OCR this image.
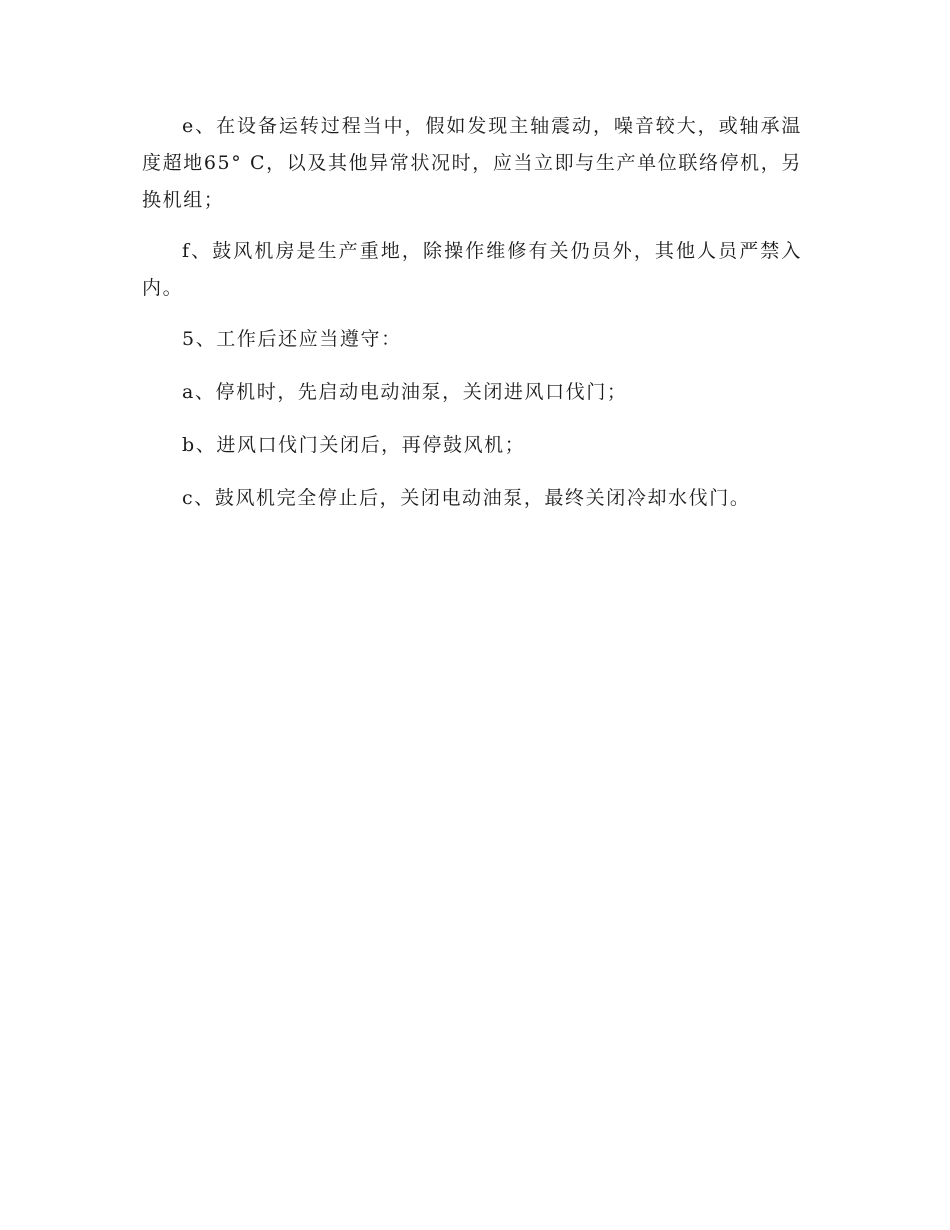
e、在设备运转过程当中，假如发现主轴震动，噪音较大，或轴承温度超地65° C，以及其他异常状况时，应当立即与生产单位联络停机，另换机组；

f、鼓风机房是生产重地，除操作维修有关仍员外，其他人员严禁入内。

5、工作后还应当遵守：

a、停机时，先启动电动油泵，关闭进风口伐门；

b、进风口伐门关闭后，再停鼓风机；

c、鼓风机完全停止后，关闭电动油泵，最终关闭冷却水伐门。
